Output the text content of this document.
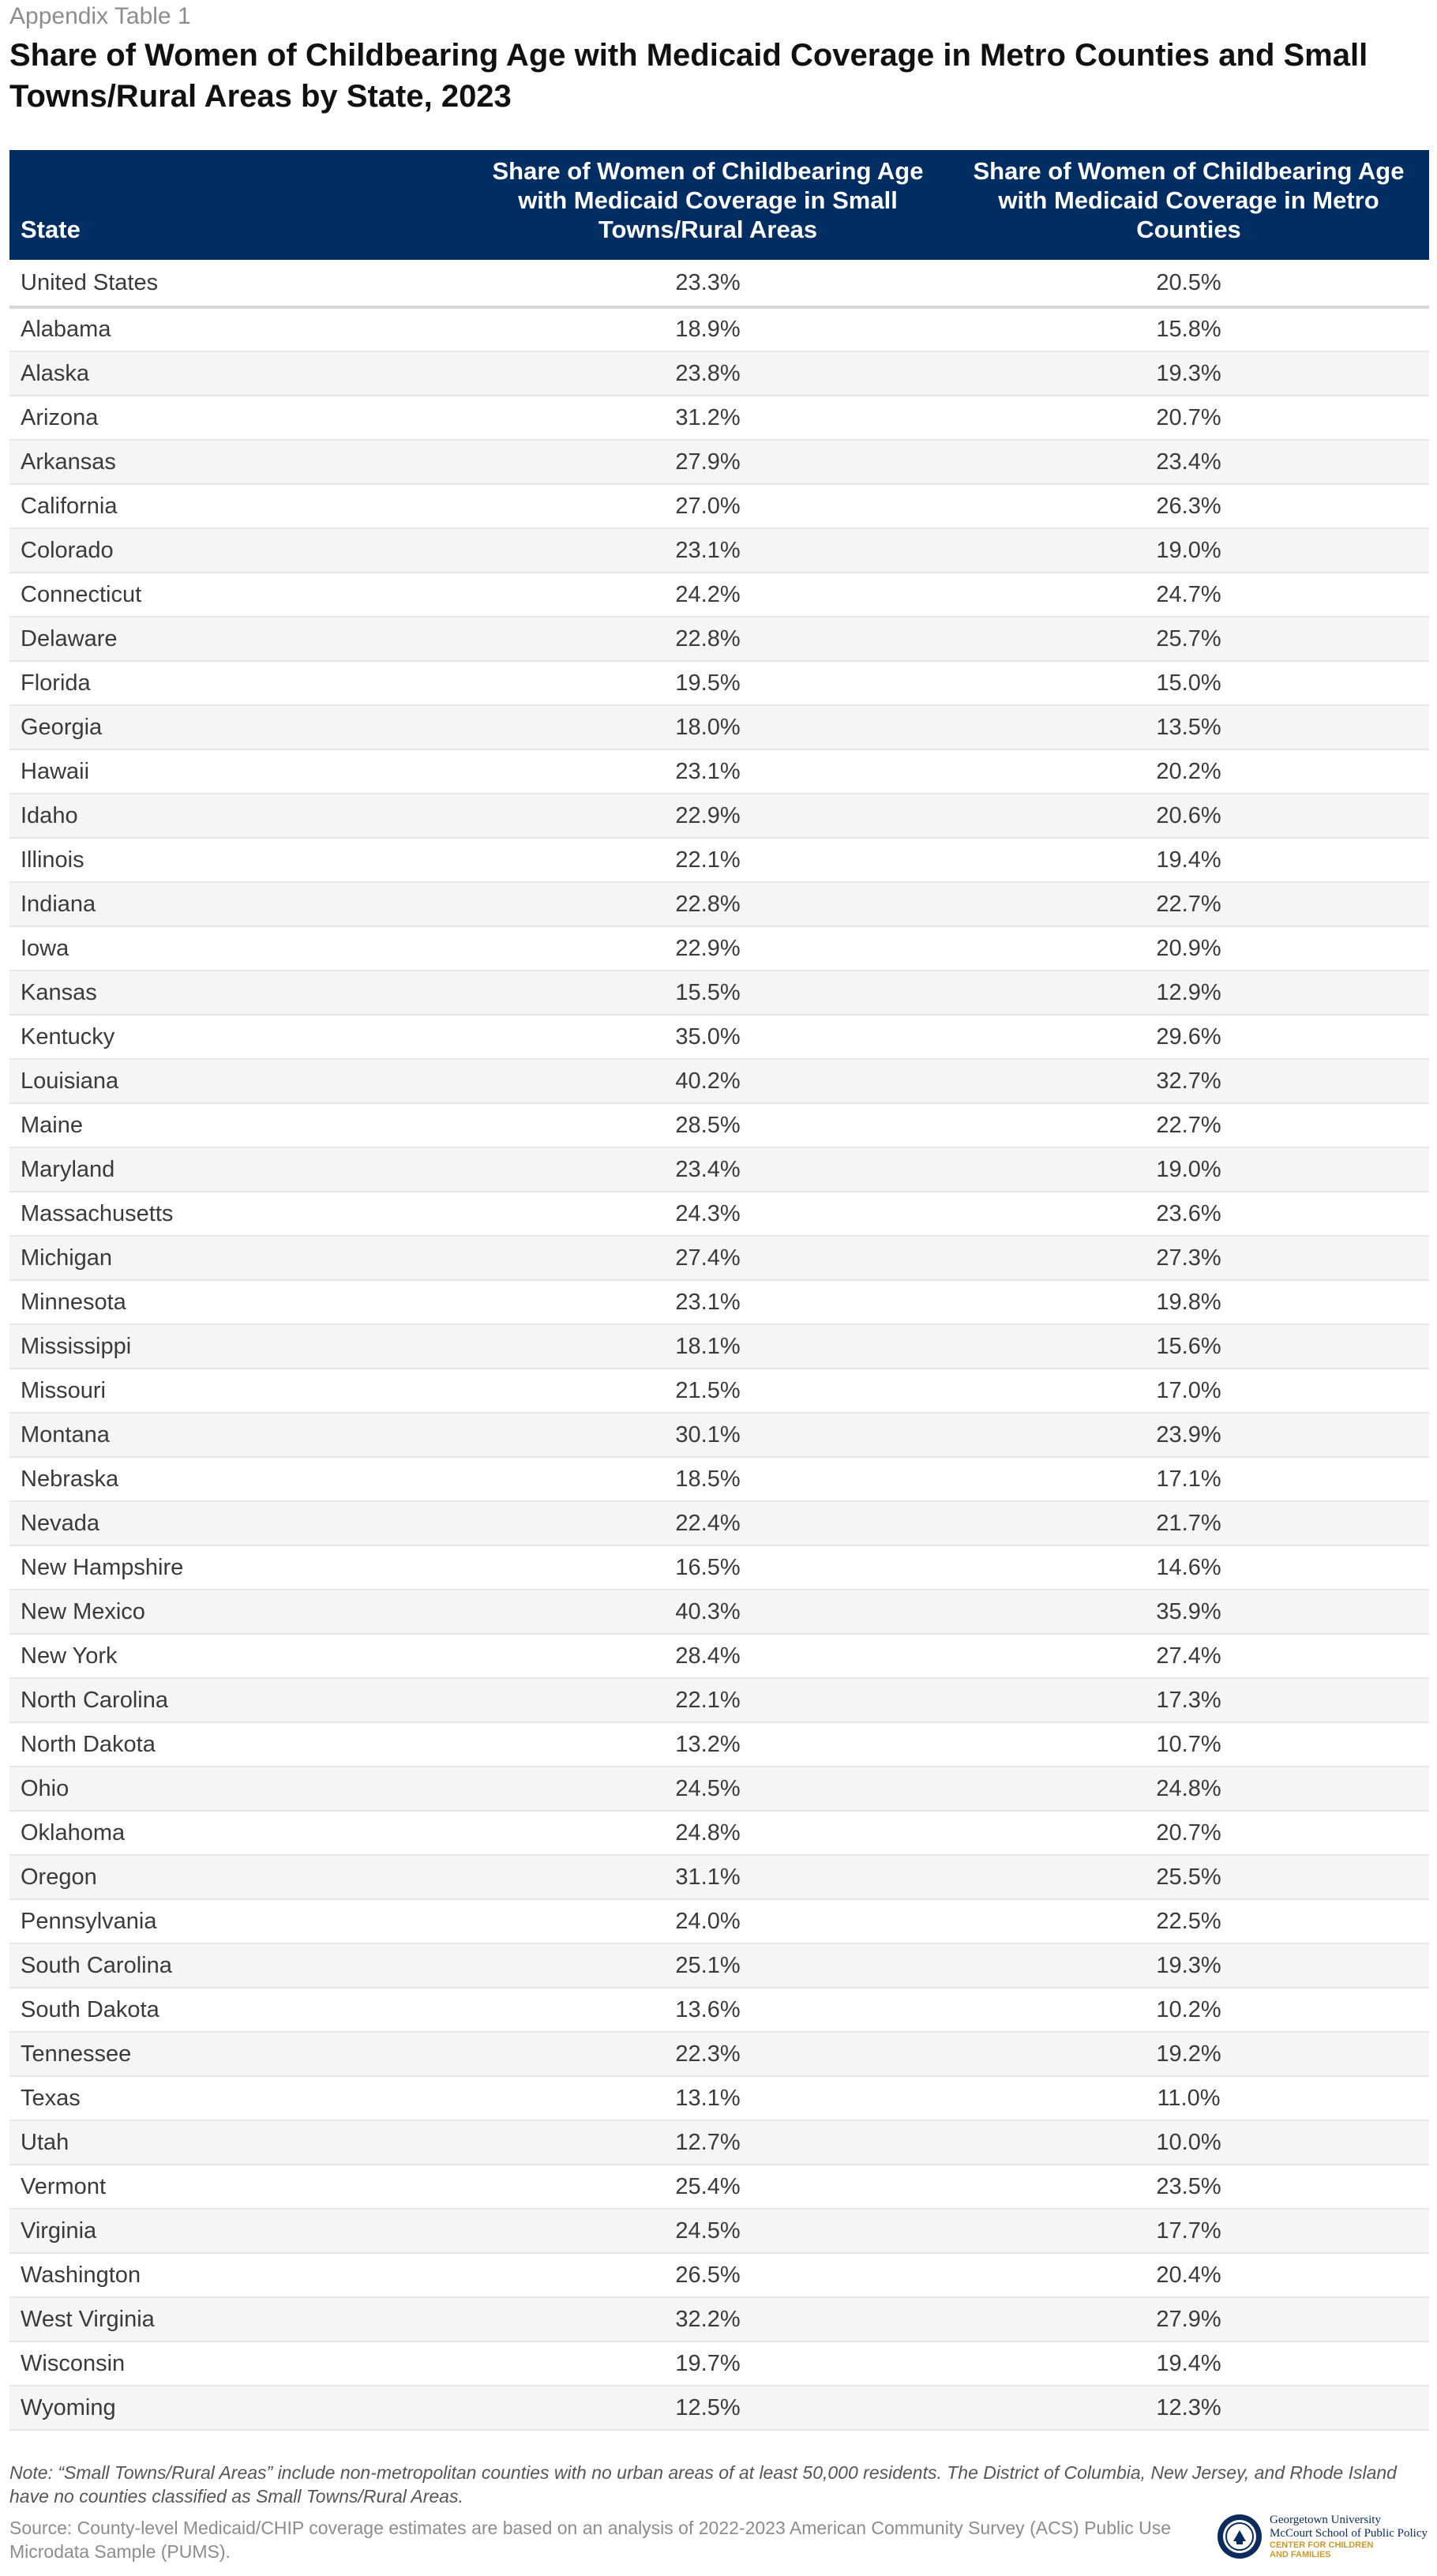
Appendix Table 1
Share of Women of Childbearing Age with Medicaid Coverage in Metro Counties and Small Towns/Rural Areas by State, 2023
State	Share of Women of Childbearing Age with Medicaid Coverage in Small Towns/Rural Areas	Share of Women of Childbearing Age with Medicaid Coverage in Metro Counties
United States	23.3%	20.5%
Alabama	18.9%	15.8%
Alaska	23.8%	19.3%
Arizona	31.2%	20.7%
Arkansas	27.9%	23.4%
California	27.0%	26.3%
Colorado	23.1%	19.0%
Connecticut	24.2%	24.7%
Delaware	22.8%	25.7%
Florida	19.5%	15.0%
Georgia	18.0%	13.5%
Hawaii	23.1%	20.2%
Idaho	22.9%	20.6%
Illinois	22.1%	19.4%
Indiana	22.8%	22.7%
Iowa	22.9%	20.9%
Kansas	15.5%	12.9%
Kentucky	35.0%	29.6%
Louisiana	40.2%	32.7%
Maine	28.5%	22.7%
Maryland	23.4%	19.0%
Massachusetts	24.3%	23.6%
Michigan	27.4%	27.3%
Minnesota	23.1%	19.8%
Mississippi	18.1%	15.6%
Missouri	21.5%	17.0%
Montana	30.1%	23.9%
Nebraska	18.5%	17.1%
Nevada	22.4%	21.7%
New Hampshire	16.5%	14.6%
New Mexico	40.3%	35.9%
New York	28.4%	27.4%
North Carolina	22.1%	17.3%
North Dakota	13.2%	10.7%
Ohio	24.5%	24.8%
Oklahoma	24.8%	20.7%
Oregon	31.1%	25.5%
Pennsylvania	24.0%	22.5%
South Carolina	25.1%	19.3%
South Dakota	13.6%	10.2%
Tennessee	22.3%	19.2%
Texas	13.1%	11.0%
Utah	12.7%	10.0%
Vermont	25.4%	23.5%
Virginia	24.5%	17.7%
Washington	26.5%	20.4%
West Virginia	32.2%	27.9%
Wisconsin	19.7%	19.4%
Wyoming	12.5%	12.3%
Note: “Small Towns/Rural Areas” include non-metropolitan counties with no urban areas of at least 50,000 residents. The District of Columbia, New Jersey, and Rhode Island have no counties classified as Small Towns/Rural Areas.
Source: County-level Medicaid/CHIP coverage estimates are based on an analysis of 2022-2023 American Community Survey (ACS) Public Use Microdata Sample (PUMS).
Georgetown University
McCourt School of Public Policy
CENTER FOR CHILDREN
AND FAMILIES
